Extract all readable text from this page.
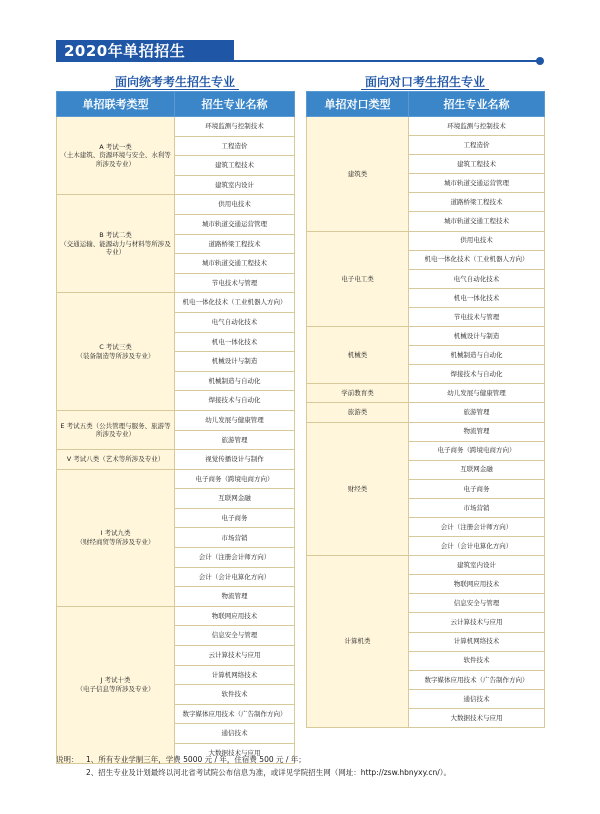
2020年单招招生
面向统考考生招生专业	面向对口考生招生专业
单招联考类型	招生专业名称
A 考试一类
（土木建筑、资源环境与安全、水利等所涉及专业）	环境监测与控制技术
	工程造价
	建筑工程技术
	建筑室内设计
B 考试二类
（交通运输、能源动力与材料等所涉及专业）	供用电技术
	城市轨道交通运营管理
	道路桥梁工程技术
	城市轨道交通工程技术
	节电技术与管理
C 考试三类
（装备制造等所涉及专业）	机电一体化技术（工业机器人方向）
	电气自动化技术
	机电一体化技术
	机械设计与制造
	机械制造与自动化
	焊接技术与自动化
E 考试五类（公共管理与服务、旅游等所涉及专业）	幼儿发展与健康管理
	旅游管理
V 考试八类（艺术等所涉及专业）	视觉传播设计与制作
I 考试九类
（财经商贸等所涉及专业）	电子商务（跨境电商方向）
	互联网金融
	电子商务
	市场营销
	会计（注册会计师方向）
	会计（会计电算化方向）
	物流管理
J 考试十类
（电子信息等所涉及专业）	物联网应用技术
	信息安全与管理
	云计算技术与应用
	计算机网络技术
	软件技术
	数字媒体应用技术（广告制作方向）
	通信技术
	大数据技术与应用
单招对口类型	招生专业名称
建筑类	环境监测与控制技术
	工程造价
	建筑工程技术
	城市轨道交通运营管理
	道路桥梁工程技术
	城市轨道交通工程技术
电子电工类	供用电技术
	机电一体化技术（工业机器人方向）
	电气自动化技术
	机电一体化技术
	节电技术与管理
机械类	机械设计与制造
	机械制造与自动化
	焊接技术与自动化
学前教育类	幼儿发展与健康管理
旅游类	旅游管理
财经类	物流管理
	电子商务（跨境电商方向）
	互联网金融
	电子商务
	市场营销
	会计（注册会计师方向）
	会计（会计电算化方向）
计算机类	建筑室内设计
	物联网应用技术
	信息安全与管理
	云计算技术与应用
	计算机网络技术
	软件技术
	数字媒体应用技术（广告制作方向）
	通信技术
	大数据技术与应用
说明： 1、所有专业学制三年，学费 5000 元 / 年，住宿费 500 元 / 年；
2、招生专业及计划最终以河北省考试院公布信息为准，或详见学院招生网（网址：http://zsw.hbnyxy.cn/）。
